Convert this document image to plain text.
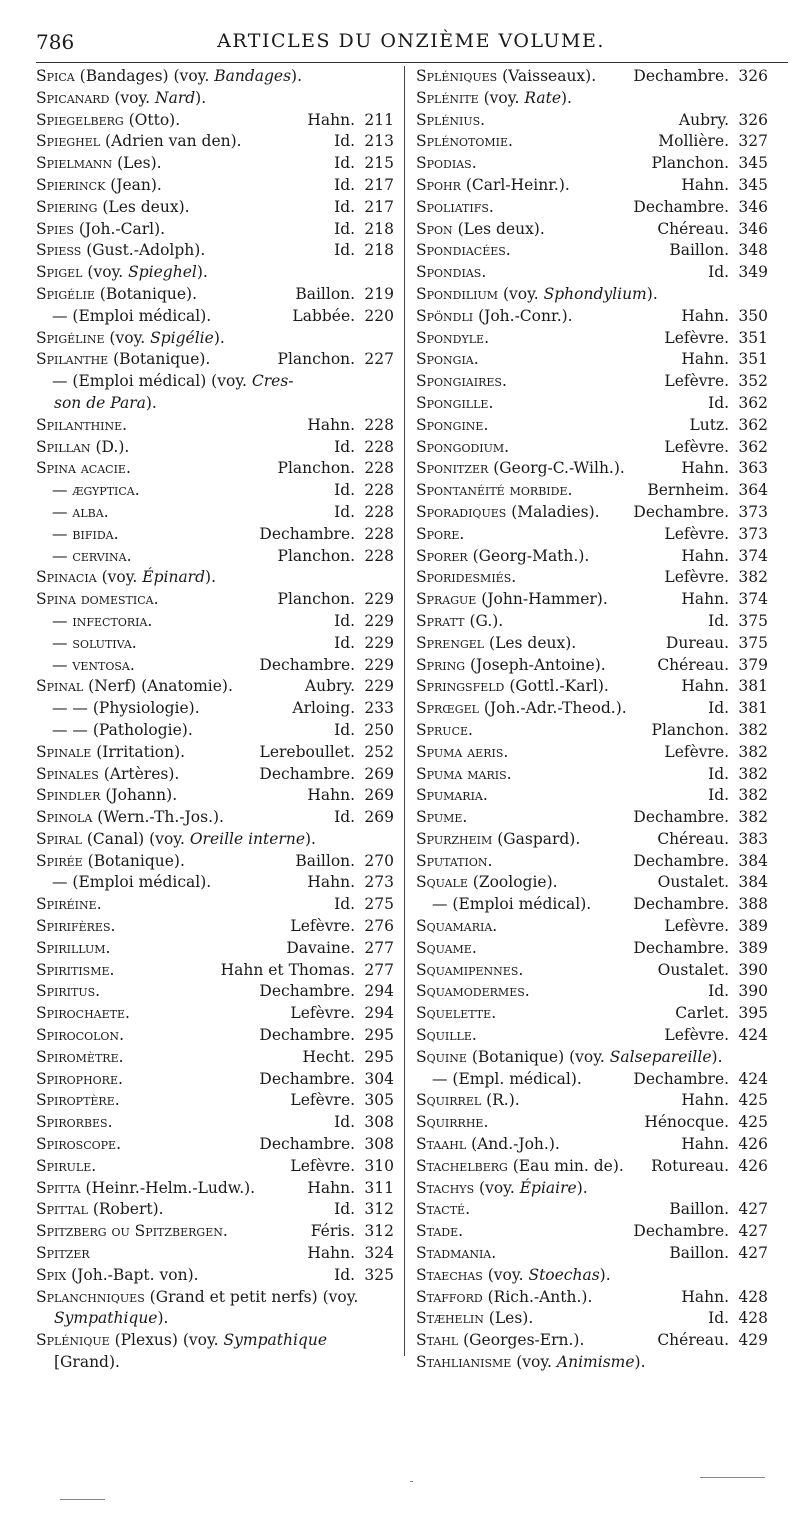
786	ARTICLES DU ONZIÈME VOLUME.
Spica (Bandages) (voy. Bandages).
Spicanard (voy. Nard).
Spiegelberg (Otto).	Hahn. 211
Spieghel (Adrien van den).	Id. 213
Spielmann (Les).	Id. 215
Spierinck (Jean).	Id. 217
Spiering (Les deux).	Id. 217
Spies (Joh.-Carl).	Id. 218
Spiess (Gust.-Adolph).	Id. 218
Spigel (voy. Spieghel).
Spigélie (Botanique).	Baillon. 219
— (Emploi médical).	Labbée. 220
Spigéline (voy. Spigélie).
Spilanthe (Botanique).	Planchon. 227
— (Emploi médical) (voy. Cres-
son de Para).
Spilanthine.	Hahn. 228
Spillan (D.).	Id. 228
Spina acacie.	Planchon. 228
— ægyptica.	Id. 228
— alba.	Id. 228
— bifida.	Dechambre. 228
— cervina.	Planchon. 228
Spinacia (voy. Épinard).
Spina domestica.	Planchon. 229
— infectoria.	Id. 229
— solutiva.	Id. 229
— ventosa.	Dechambre. 229
Spinal (Nerf) (Anatomie).	Aubry. 229
— — (Physiologie).	Arloing. 233
— — (Pathologie).	Id. 250
Spinale (Irritation).	Lereboullet. 252
Spinales (Artères).	Dechambre. 269
Spindler (Johann).	Hahn. 269
Spinola (Wern.-Th.-Jos.).	Id. 269
Spiral (Canal) (voy. Oreille interne).
Spirée (Botanique).	Baillon. 270
— (Emploi médical).	Hahn. 273
Spiréine.	Id. 275
Spirifères.	Lefèvre. 276
Spirillum.	Davaine. 277
Spiritisme.	Hahn et Thomas. 277
Spiritus.	Dechambre. 294
Spirochaete.	Lefèvre. 294
Spirocolon.	Dechambre. 295
Spiromètre.	Hecht. 295
Spirophore.	Dechambre. 304
Spiroptère.	Lefèvre. 305
Spirorbes.	Id. 308
Spiroscope.	Dechambre. 308
Spirule.	Lefèvre. 310
Spitta (Heinr.-Helm.-Ludw.).	Hahn. 311
Spittal (Robert).	Id. 312
Spitzberg ou Spitzbergen.	Féris. 312
Spitzer	Hahn. 324
Spix (Joh.-Bapt. von).	Id. 325
Splanchniques (Grand et petit nerfs) (voy.
Sympathique).
Splénique (Plexus) (voy. Sympathique
[Grand).
Spléniques (Vaisseaux). Dechambre. 326
Splénite (voy. Rate).
Splénius.	Aubry. 326
Splénotomie.	Mollière. 327
Spodias.	Planchon. 345
Spohr (Carl-Heinr.).	Hahn. 345
Spoliatifs.	Dechambre. 346
Spon (Les deux).	Chéreau. 346
Spondiacées.	Baillon. 348
Spondias.	Id. 349
Spondilium (voy. Sphondylium).
Spöndli (Joh.-Conr.).	Hahn. 350
Spondyle.	Lefèvre. 351
Spongia.	Hahn. 351
Spongiaires.	Lefèvre. 352
Spongille.	Id. 362
Spongine.	Lutz. 362
Spongodium.	Lefèvre. 362
Sponitzer (Georg-C.-Wilh.).	Hahn. 363
Spontanéité morbide.	Bernheim. 364
Sporadiques (Maladies). Dechambre. 373
Spore.	Lefèvre. 373
Sporer (Georg-Math.).	Hahn. 374
Sporidesmiés.	Lefèvre. 382
Sprague (John-Hammer).	Hahn. 374
Spratt (G.).	Id. 375
Sprengel (Les deux).	Dureau. 375
Spring (Joseph-Antoine).	Chéreau. 379
Springsfeld (Gottl.-Karl).	Hahn. 381
Sprœgel (Joh.-Adr.-Theod.).	Id. 381
Spruce.	Planchon. 382
Spuma aeris.	Lefèvre. 382
Spuma maris.	Id. 382
Spumaria.	Id. 382
Spume.	Dechambre. 382
Spurzheim (Gaspard).	Chéreau. 383
Sputation.	Dechambre. 384
Squale (Zoologie).	Oustalet. 384
— (Emploi médical).	Dechambre. 388
Squamaria.	Lefèvre. 389
Squame.	Dechambre. 389
Squamipennes.	Oustalet. 390
Squamodermes.	Id. 390
Squelette.	Carlet. 395
Squille.	Lefèvre. 424
Squine (Botanique) (voy. Salsepareille).
— (Empl. médical).	Dechambre. 424
Squirrel (R.).	Hahn. 425
Squirrhe.	Hénocque. 425
Staahl (And.-Joh.).	Hahn. 426
Stachelberg (Eau min. de). Rotureau. 426
Stachys (voy. Épiaire).
Stacté.	Baillon. 427
Stade.	Dechambre. 427
Stadmania.	Baillon. 427
Staechas (voy. Stoechas).
Stafford (Rich.-Anth.).	Hahn. 428
Stæhelin (Les).	Id. 428
Stahl (Georges-Ern.).	Chéreau. 429
Stahlianisme (voy. Animisme).
